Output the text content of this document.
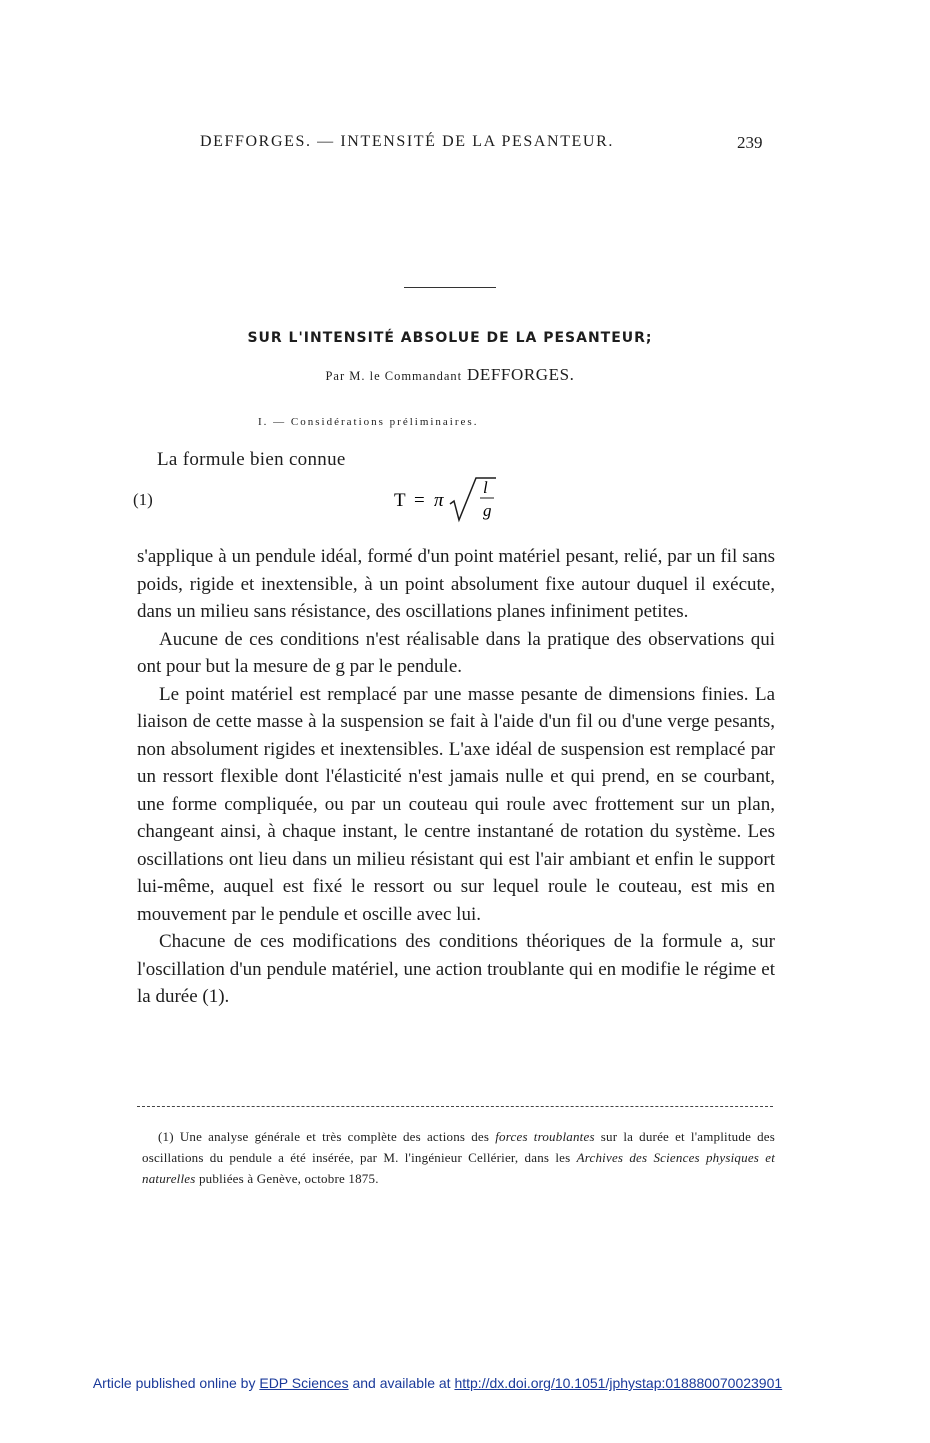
DEFFORGES. — INTENSITÉ DE LA PESANTEUR.	239
SUR L'INTENSITÉ ABSOLUE DE LA PESANTEUR;
Par M. le Commandant DEFFORGES.
I. — Considérations préliminaires.
La formule bien connue
(1)	T = π
l
g

s'applique à un pendule idéal, formé d'un point matériel pesant, relié, par un fil sans poids, rigide et inextensible, à un point absolument fixe autour duquel il exécute, dans un milieu sans résistance, des oscillations planes infiniment petites.

Aucune de ces conditions n'est réalisable dans la pratique des observations qui ont pour but la mesure de g par le pendule.

Le point matériel est remplacé par une masse pesante de dimensions finies. La liaison de cette masse à la suspension se fait à l'aide d'un fil ou d'une verge pesants, non absolument rigides et inextensibles. L'axe idéal de suspension est remplacé par un ressort flexible dont l'élasticité n'est jamais nulle et qui prend, en se courbant, une forme compliquée, ou par un couteau qui roule avec frottement sur un plan, changeant ainsi, à chaque instant, le centre instantané de rotation du système. Les oscillations ont lieu dans un milieu résistant qui est l'air ambiant et enfin le support lui-même, auquel est fixé le ressort ou sur lequel roule le couteau, est mis en mouvement par le pendule et oscille avec lui.

Chacune de ces modifications des conditions théoriques de la formule a, sur l'oscillation d'un pendule matériel, une action troublante qui en modifie le régime et la durée (1).

(1) Une analyse générale et très complète des actions des forces troublantes sur la durée et l'amplitude des oscillations du pendule a été insérée, par M. l'ingénieur Cellérier, dans les Archives des Sciences physiques et naturelles publiées à Genève, octobre 1875.
Article published online by EDP Sciences and available at http://dx.doi.org/10.1051/jphystap:018880070023901
